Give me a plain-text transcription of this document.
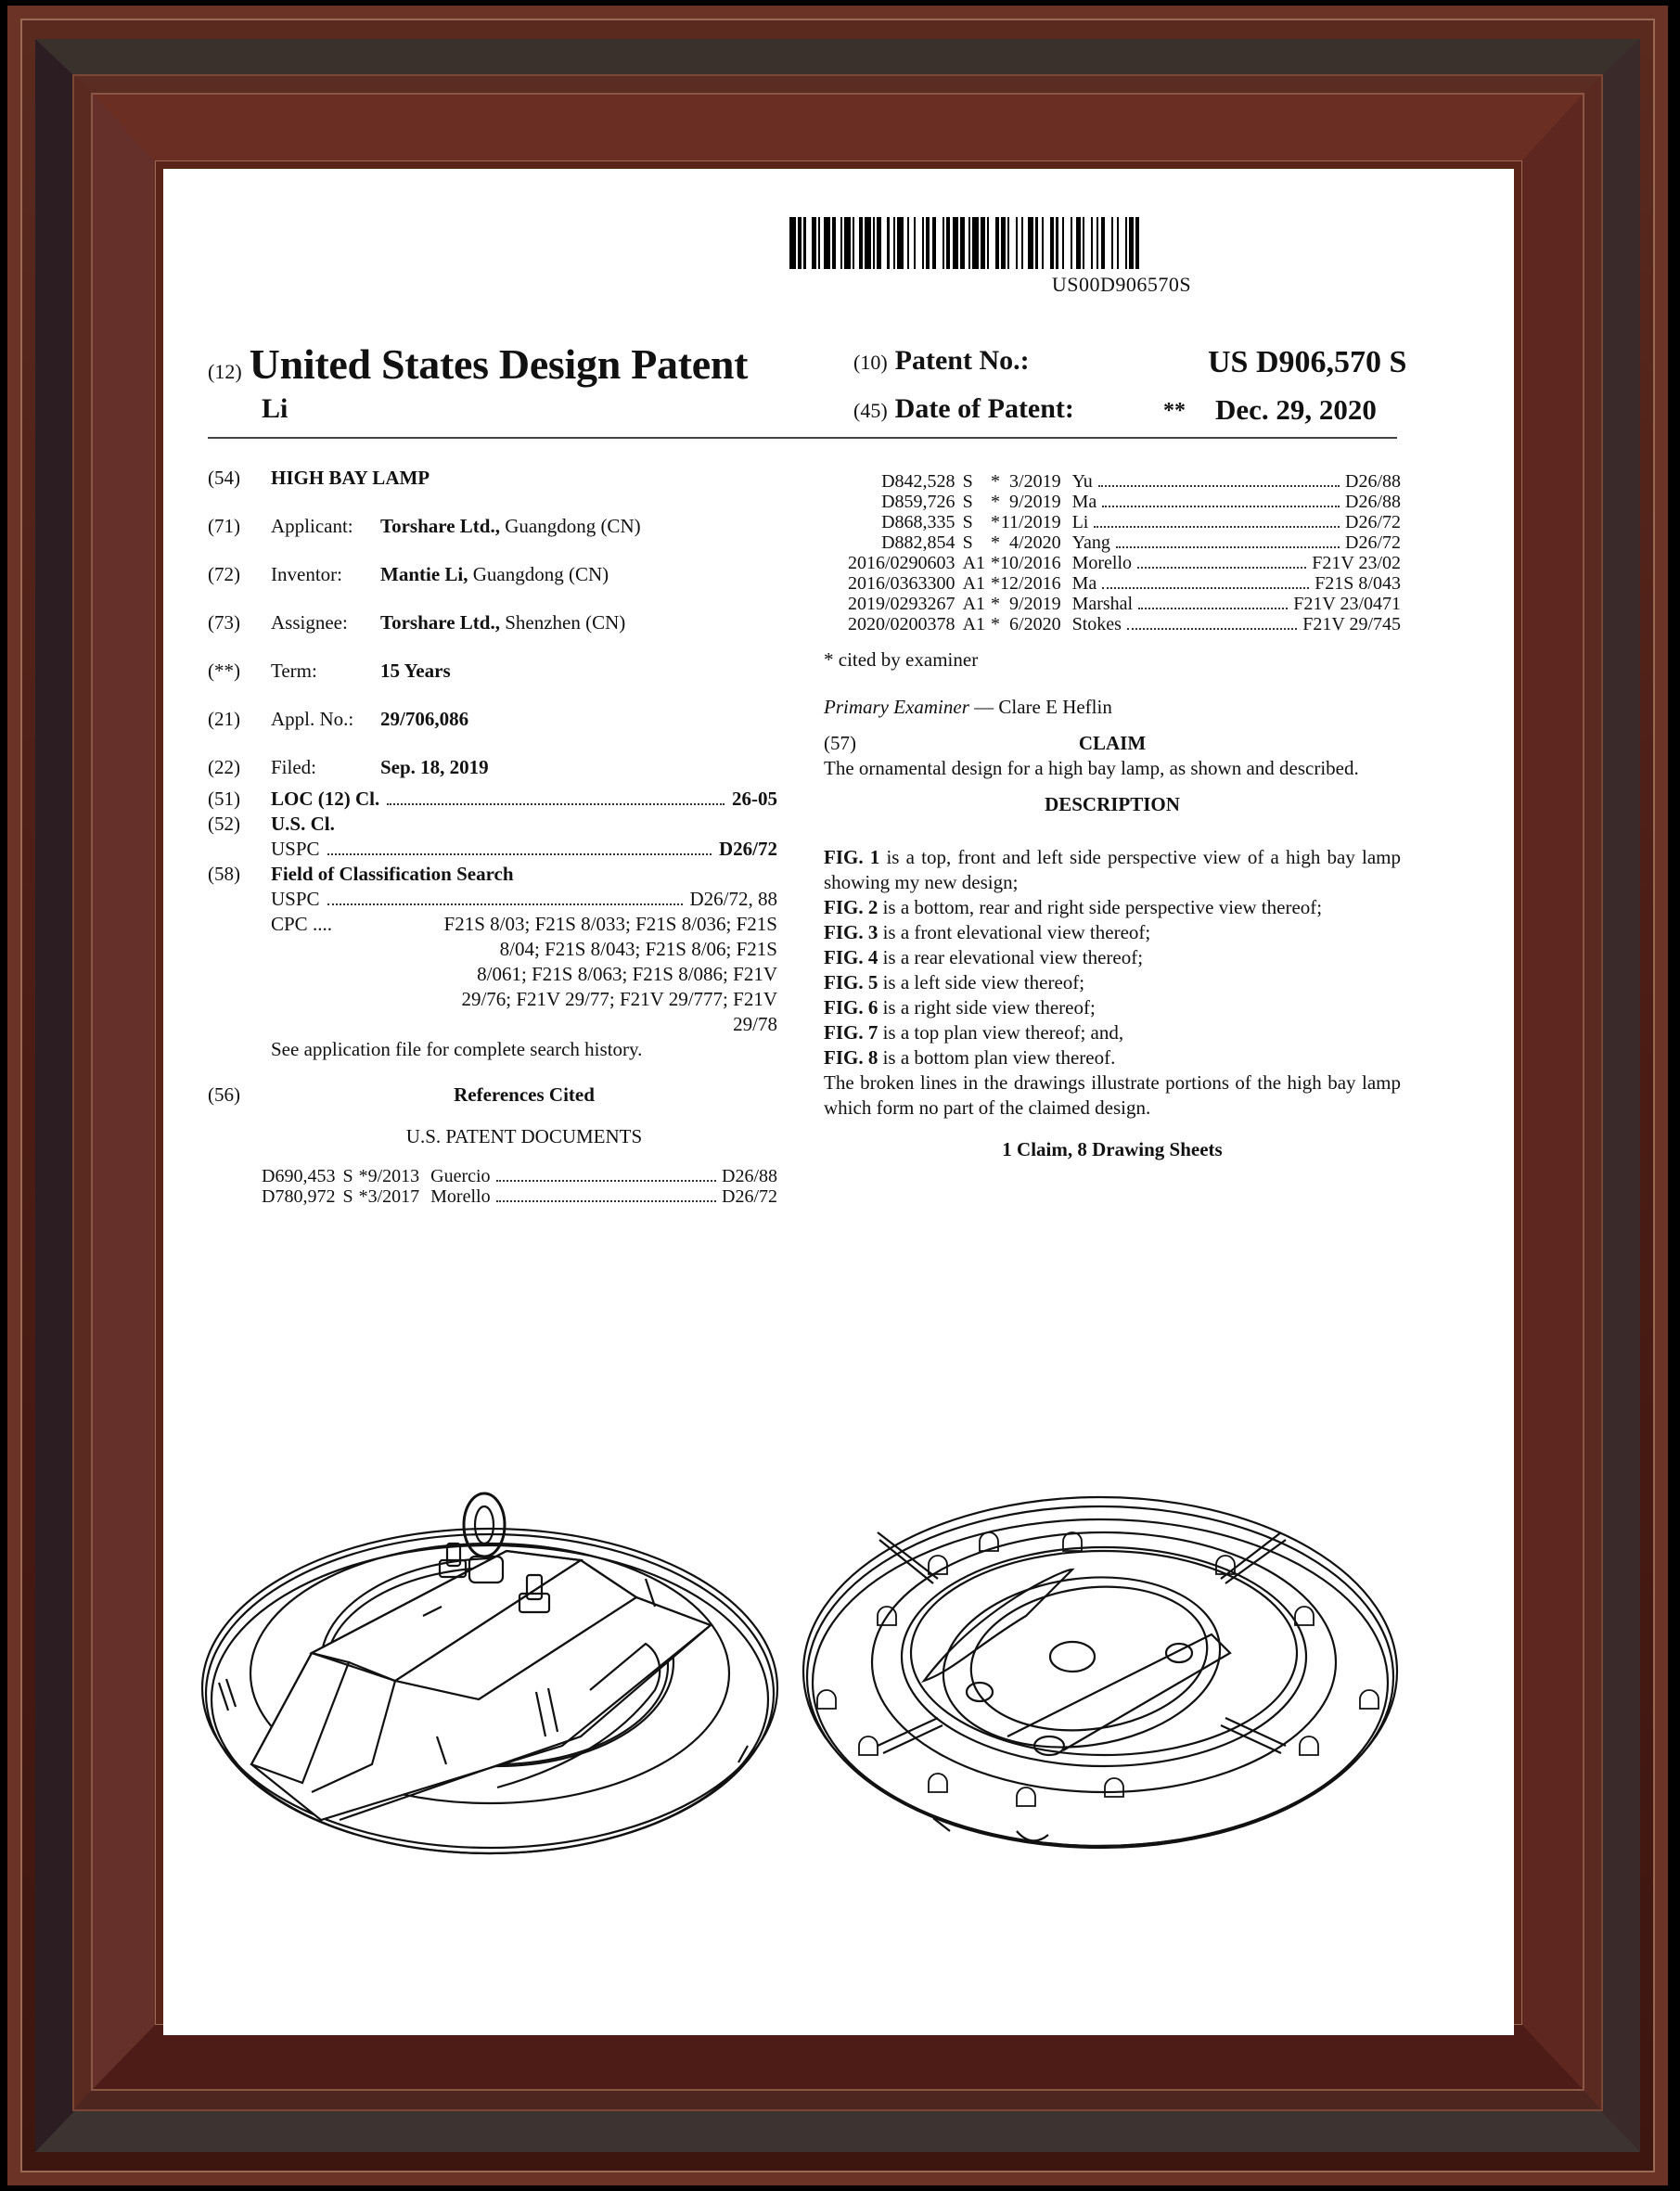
US00D906570S
(12) United States Design Patent	(10) Patent No.:	US D906,570 S
Li	(45) Date of Patent:	** Dec. 29, 2020
(54)	HIGH BAY LAMP
(71)	Applicant:	Torshare Ltd., Guangdong (CN)
(72)	Inventor:	Mantie Li, Guangdong (CN)
(73)	Assignee:	Torshare Ltd., Shenzhen (CN)
(**)	Term:	15 Years
(21)	Appl. No.:	29/706,086
(22)	Filed:	Sep. 18, 2019
(51)	LOC (12) Cl.	26-05
(52)	U.S. Cl.
USPC	D26/72
(58)	Field of Classification Search
USPC	D26/72, 88
CPC ....	F21S 8/03; F21S 8/033; F21S 8/036; F21S
8/04; F21S 8/043; F21S 8/06; F21S
8/061; F21S 8/063; F21S 8/086; F21V
29/76; F21V 29/77; F21V 29/777; F21V
29/78
See application file for complete search history.
(56)	References Cited
U.S. PATENT DOCUMENTS
D690,453	S	*	9/2013	Guercio D26/88

D780,972	S	*	3/2017	Morello D26/72
D842,528	S	*	3/2019	Yu D26/88

D859,726	S	*	9/2019	Ma D26/88

D868,335	S	*	11/2019	Li D26/72

D882,854	S	*	4/2020	Yang D26/72

2016/0290603	A1	*	10/2016	Morello F21V 23/02

2016/0363300	A1	*	12/2016	Ma F21S 8/043

2019/0293267	A1	*	9/2019	Marshal F21V 23/0471

2020/0200378	A1	*	6/2020	Stokes F21V 29/745
* cited by examiner
Primary Examiner — Clare E Heflin
(57)	CLAIM

The ornamental design for a high bay lamp, as shown and described.

DESCRIPTION

FIG. 1 is a top, front and left side perspective view of a high bay lamp showing my new design;

FIG. 2 is a bottom, rear and right side perspective view thereof;

FIG. 3 is a front elevational view thereof;

FIG. 4 is a rear elevational view thereof;

FIG. 5 is a left side view thereof;

FIG. 6 is a right side view thereof;

FIG. 7 is a top plan view thereof; and,

FIG. 8 is a bottom plan view thereof.

The broken lines in the drawings illustrate portions of the high bay lamp which form no part of the claimed design.

1 Claim, 8 Drawing Sheets
